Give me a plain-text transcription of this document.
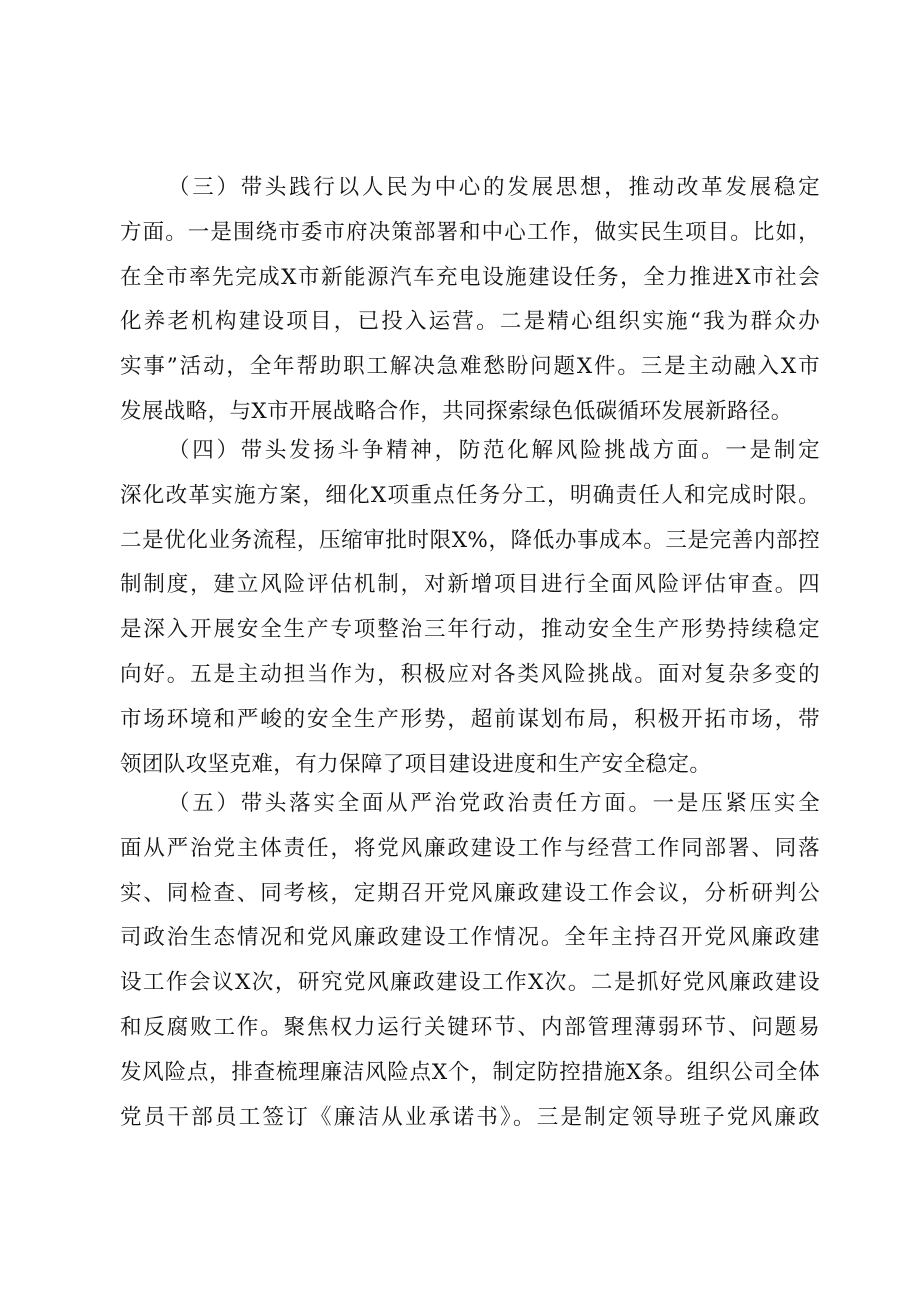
（三）带头践行以人民为中心的发展思想，推动改革发展稳定
方面。一是围绕市委市府决策部署和中心工作，做实民生项目。比如，
在全市率先完成X市新能源汽车充电设施建设任务，全力推进X市社会
化养老机构建设项目，已投入运营。二是精心组织实施“我为群众办
实事”活动，全年帮助职工解决急难愁盼问题X件。三是主动融入X市
发展战略，与X市开展战略合作，共同探索绿色低碳循环发展新路径。
（四）带头发扬斗争精神，防范化解风险挑战方面。一是制定
深化改革实施方案，细化X项重点任务分工，明确责任人和完成时限。
二是优化业务流程，压缩审批时限X%，降低办事成本。三是完善内部控
制制度，建立风险评估机制，对新增项目进行全面风险评估审查。四
是深入开展安全生产专项整治三年行动，推动安全生产形势持续稳定
向好。五是主动担当作为，积极应对各类风险挑战。面对复杂多变的
市场环境和严峻的安全生产形势，超前谋划布局，积极开拓市场，带
领团队攻坚克难，有力保障了项目建设进度和生产安全稳定。
（五）带头落实全面从严治党政治责任方面。一是压紧压实全
面从严治党主体责任，将党风廉政建设工作与经营工作同部署、同落
实、同检查、同考核，定期召开党风廉政建设工作会议，分析研判公
司政治生态情况和党风廉政建设工作情况。全年主持召开党风廉政建
设工作会议X次，研究党风廉政建设工作X次。二是抓好党风廉政建设
和反腐败工作。聚焦权力运行关键环节、内部管理薄弱环节、问题易
发风险点，排查梳理廉洁风险点X个，制定防控措施X条。组织公司全体
党员干部员工签订《廉洁从业承诺书》。三是制定领导班子党风廉政
